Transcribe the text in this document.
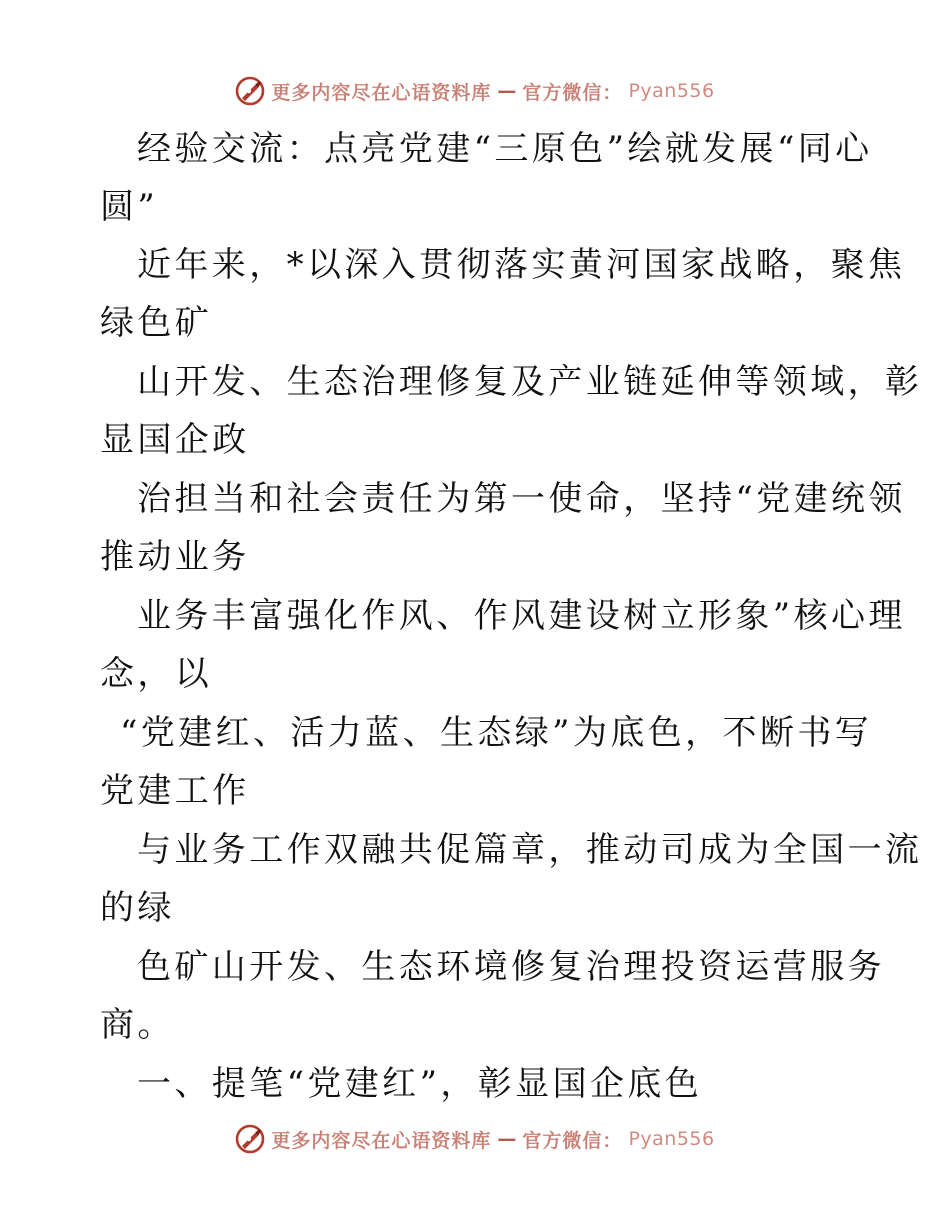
更多内容尽在心语资料库 — 官方微信： Pyan556
经验交流：点亮党建“三原色”绘就发展“同心
圆”
近年来，*以深入贯彻落实黄河国家战略，聚焦
绿色矿
山开发、生态治理修复及产业链延伸等领域，彰
显国企政
治担当和社会责任为第一使命，坚持“党建统领
推动业务
业务丰富强化作风、作风建设树立形象”核心理
念，以
“党建红、活力蓝、生态绿”为底色，不断书写
党建工作
与业务工作双融共促篇章，推动司成为全国一流
的绿
色矿山开发、生态环境修复治理投资运营服务
商。
一、提笔“党建红”，彰显国企底色
更多内容尽在心语资料库 — 官方微信： Pyan556
